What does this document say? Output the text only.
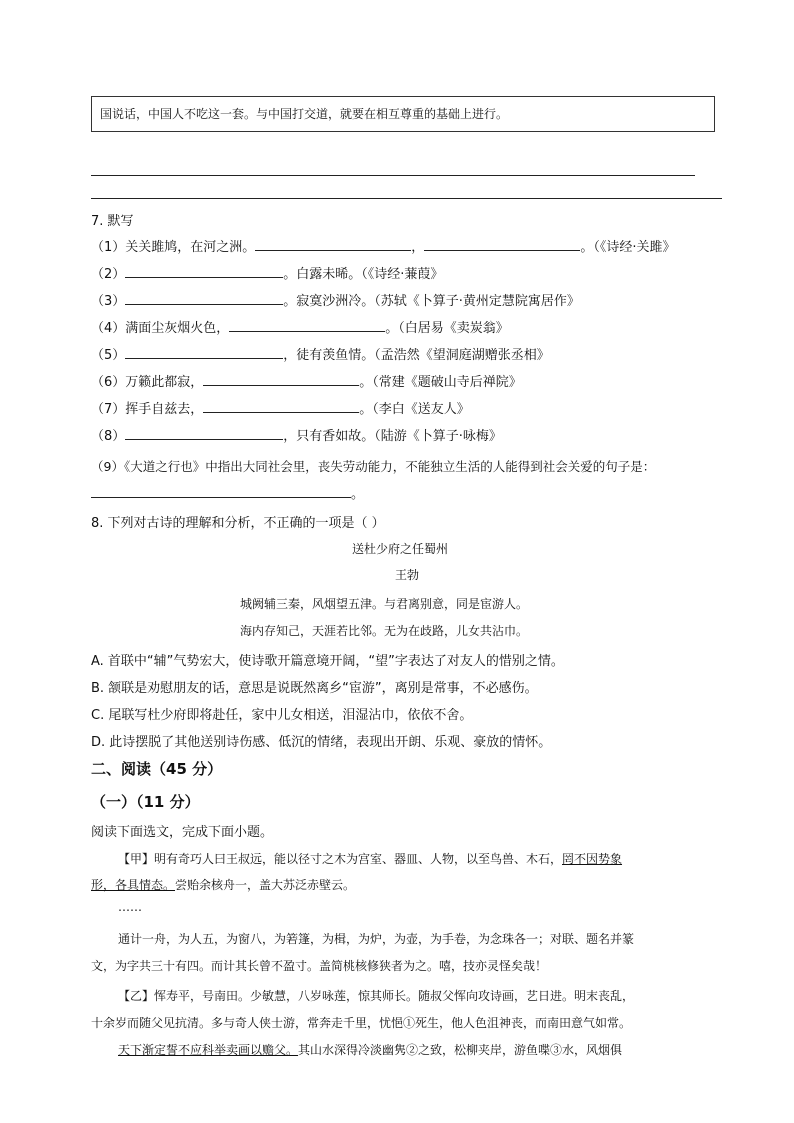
国说话，中国人不吃这一套。与中国打交道，就要在相互尊重的基础上进行。
7. 默写
（1）关关雎鸠，在河之洲。	，	。（《诗经·关雎》
（2）	。白露未晞。（《诗经·蒹葭》
（3）	。寂寞沙洲冷。（苏轼《卜算子·黄州定慧院寓居作》
（4）满面尘灰烟火色，	。（白居易《卖炭翁》
（5）	，徒有羡鱼情。（孟浩然《望洞庭湖赠张丞相》
（6）万籁此都寂，	。（常建《题破山寺后禅院》
（7）挥手自兹去，	。（李白《送友人》
（8）	，只有香如故。（陆游《卜算子·咏梅》
（9）《大道之行也》中指出大同社会里，丧失劳动能力，不能独立生活的人能得到社会关爱的句子是：
。
8. 下列对古诗的理解和分析，不正确的一项是（ ）
送杜少府之任蜀州
王勃
城阙辅三秦，风烟望五津。与君离别意，同是宦游人。
海内存知己，天涯若比邻。无为在歧路，儿女共沾巾。
A. 首联中“辅”气势宏大，使诗歌开篇意境开阔，“望”字表达了对友人的惜别之情。
B. 颔联是劝慰朋友的话，意思是说既然离乡“宦游”，离别是常事，不必感伤。
C. 尾联写杜少府即将赴任，家中儿女相送，泪湿沾巾，依依不舍。
D. 此诗摆脱了其他送别诗伤感、低沉的情绪，表现出开朗、乐观、豪放的情怀。
二、阅读（45 分）
（一）（11 分）
阅读下面选文，完成下面小题。
【甲】明有奇巧人曰王叔远，能以径寸之木为宫室、器皿、人物，以至鸟兽、木石，罔不因势象
形，各具情态。尝贻余核舟一，盖大苏泛赤壁云。
……
通计一舟，为人五，为窗八，为箬篷，为楫，为炉，为壶，为手卷，为念珠各一；对联、题名并篆
文，为字共三十有四。而计其长曾不盈寸。盖简桃核修狭者为之。嘻，技亦灵怪矣哉！
【乙】恽寿平，号南田。少敏慧，八岁咏莲，惊其师长。随叔父恽向攻诗画，艺日进。明末丧乱，
十余岁而随父见抗清。多与奇人侠士游，常奔走千里，忧悒①死生，他人色沮神丧，而南田意气如常。
天下渐定誓不应科举卖画以赡父。其山水深得冷淡幽隽②之致，松柳夹岸，游鱼喋③水，风烟俱
